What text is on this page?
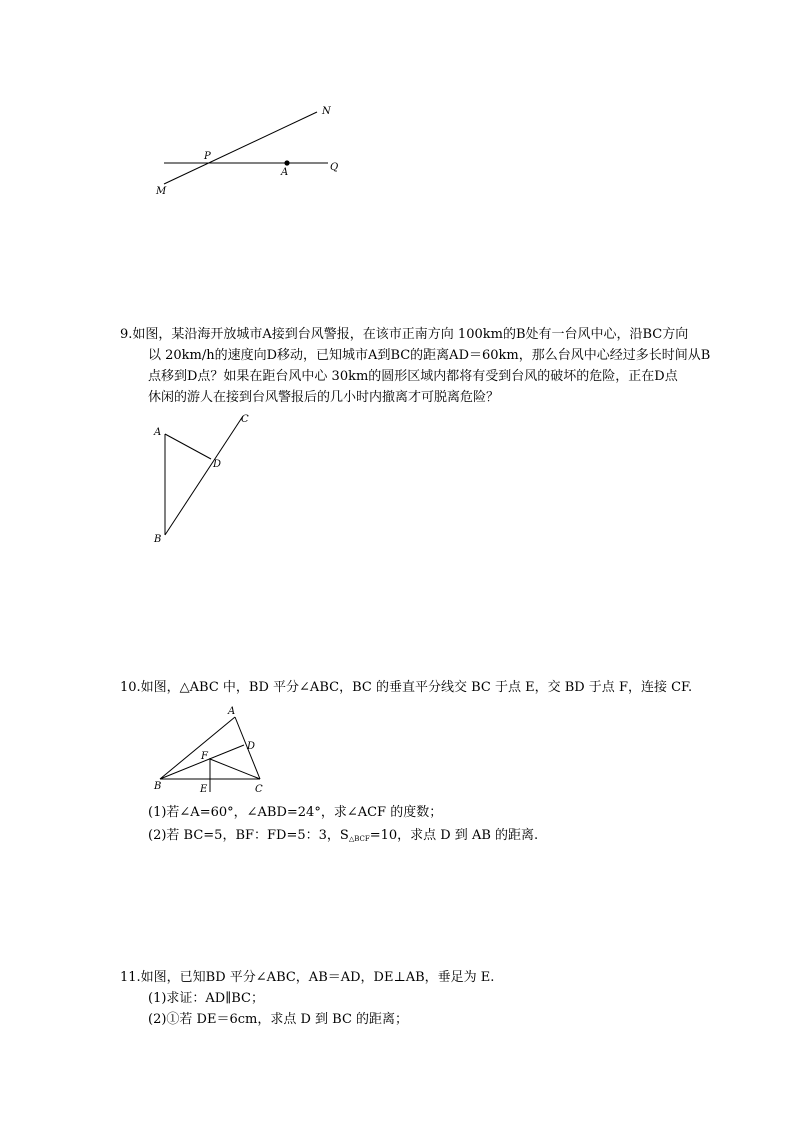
N
P
A	Q
M
9.如图，某沿海开放城市A接到台风警报，在该市正南方向 100km的B处有一台风中心，沿BC方向
以 20km/h的速度向D移动，已知城市A到BC的距离AD＝60km，那么台风中心经过多长时间从B
点移到D点？如果在距台风中心 30km的圆形区域内都将有受到台风的破坏的危险，正在D点
休闲的游人在接到台风警报后的几小时内撤离才可脱离危险？
A
C
D
B
10.如图，△ABC 中，BD 平分∠ABC，BC 的垂直平分线交 BC 于点 E，交 BD 于点 F，连接 CF.
A
D
F
B	E	C
(1)若∠A=60°，∠ABD=24°，求∠ACF 的度数；
(2)若 BC=5，BF：FD=5：3，$S_{\triangle BCF}=10$，求点 D 到 AB 的距离.
11.如图，已知BD 平分∠ABC，AB＝AD，DE⊥AB，垂足为 E.
(1)求证：AD∥BC；
(2)①若 DE＝6cm，求点 D 到 BC 的距离；
